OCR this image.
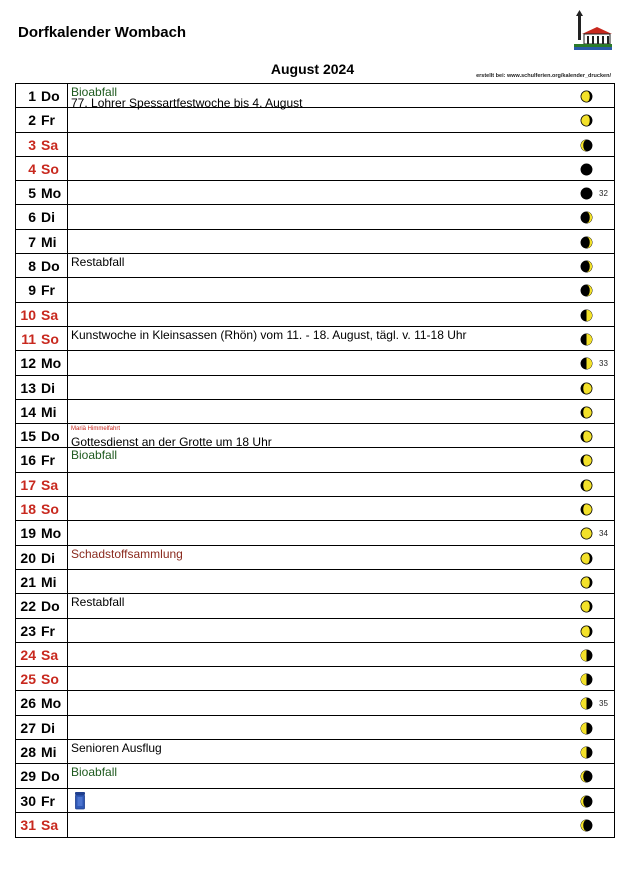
Dorfkalender Wombach
August 2024	erstellt bei: www.schulferien.org/kalender_drucken/
1 Do Bioabfall
77. Lohrer Spessartfestwoche bis 4. August
2 Fr
3 Sa
4 So
5 Mo	32
6 Di
7 Mi
8 Do Restabfall
9 Fr
10 Sa
11 So Kunstwoche in Kleinsassen (Rhön) vom 11. - 18. August, tägl. v. 11-18 Uhr
12 Mo	33
13 Di
14 Mi
15 Do Mariä Himmelfahrt
Gottesdienst an der Grotte um 18 Uhr
16 Fr Bioabfall
17 Sa
18 So
19 Mo	34
20 Di Schadstoffsammlung
21 Mi
22 Do Restabfall
23 Fr
24 Sa
25 So
26 Mo	35
27 Di
28 Mi Senioren Ausflug
29 Do Bioabfall
30 Fr
31 Sa
